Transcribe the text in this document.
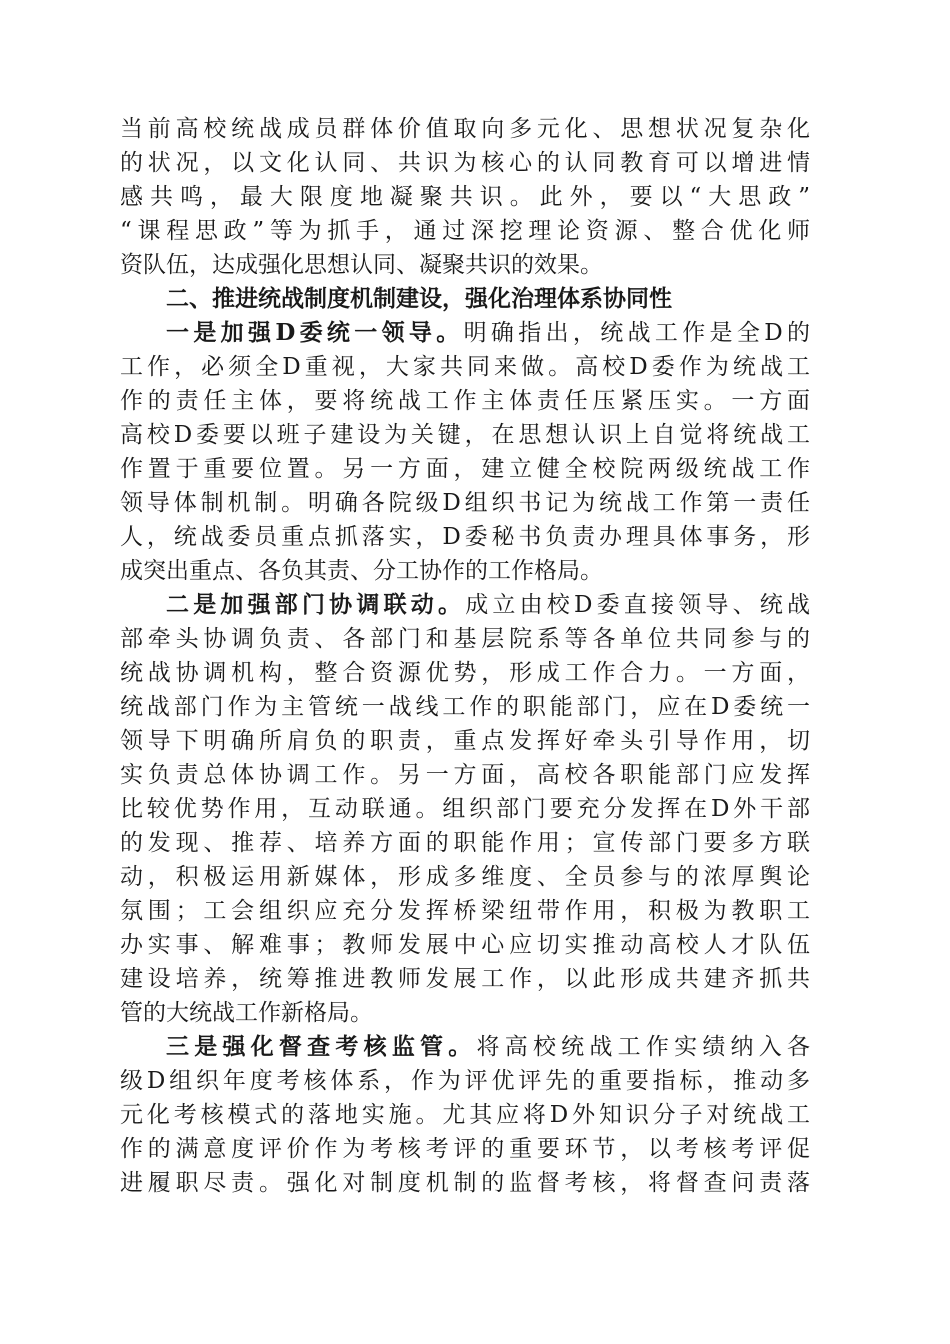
当前高校统战成员群体价值取向多元化、思想状况复杂化
的状况，以文化认同、共识为核心的认同教育可以增进情
感共鸣，最大限度地凝聚共识。此外，要以“大思政”
“课程思政”等为抓手，通过深挖理论资源、整合优化师
资队伍，达成强化思想认同、凝聚共识的效果。
二、推进统战制度机制建设，强化治理体系协同性
一是加强D委统一领导。明确指出，统战工作是全D的
工作，必须全D重视，大家共同来做。高校D委作为统战工
作的责任主体，要将统战工作主体责任压紧压实。一方面
高校D委要以班子建设为关键，在思想认识上自觉将统战工
作置于重要位置。另一方面，建立健全校院两级统战工作
领导体制机制。明确各院级D组织书记为统战工作第一责任
人，统战委员重点抓落实，D委秘书负责办理具体事务，形
成突出重点、各负其责、分工协作的工作格局。
二是加强部门协调联动。成立由校D委直接领导、统战
部牵头协调负责、各部门和基层院系等各单位共同参与的
统战协调机构，整合资源优势，形成工作合力。一方面，
统战部门作为主管统一战线工作的职能部门，应在D委统一
领导下明确所肩负的职责，重点发挥好牵头引导作用，切
实负责总体协调工作。另一方面，高校各职能部门应发挥
比较优势作用，互动联通。组织部门要充分发挥在D外干部
的发现、推荐、培养方面的职能作用；宣传部门要多方联
动，积极运用新媒体，形成多维度、全员参与的浓厚舆论
氛围；工会组织应充分发挥桥梁纽带作用，积极为教职工
办实事、解难事；教师发展中心应切实推动高校人才队伍
建设培养，统筹推进教师发展工作，以此形成共建齐抓共
管的大统战工作新格局。
三是强化督查考核监管。将高校统战工作实绩纳入各
级D组织年度考核体系，作为评优评先的重要指标，推动多
元化考核模式的落地实施。尤其应将D外知识分子对统战工
作的满意度评价作为考核考评的重要环节，以考核考评促
进履职尽责。强化对制度机制的监督考核，将督查问责落
